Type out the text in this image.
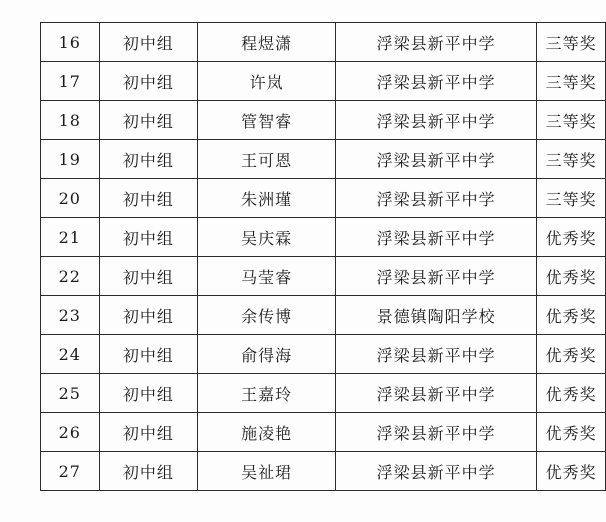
16	初中组	程煜潇	浮梁县新平中学	三等奖
17	初中组	许岚	浮梁县新平中学	三等奖
18	初中组	管智睿	浮梁县新平中学	三等奖
19	初中组	王可恩	浮梁县新平中学	三等奖
20	初中组	朱洲瑾	浮梁县新平中学	三等奖
21	初中组	吴庆霖	浮梁县新平中学	优秀奖
22	初中组	马莹睿	浮梁县新平中学	优秀奖
23	初中组	余传博	景德镇陶阳学校	优秀奖
24	初中组	俞得海	浮梁县新平中学	优秀奖
25	初中组	王嘉玲	浮梁县新平中学	优秀奖
26	初中组	施凌艳	浮梁县新平中学	优秀奖
27	初中组	吴祉珺	浮梁县新平中学	优秀奖
